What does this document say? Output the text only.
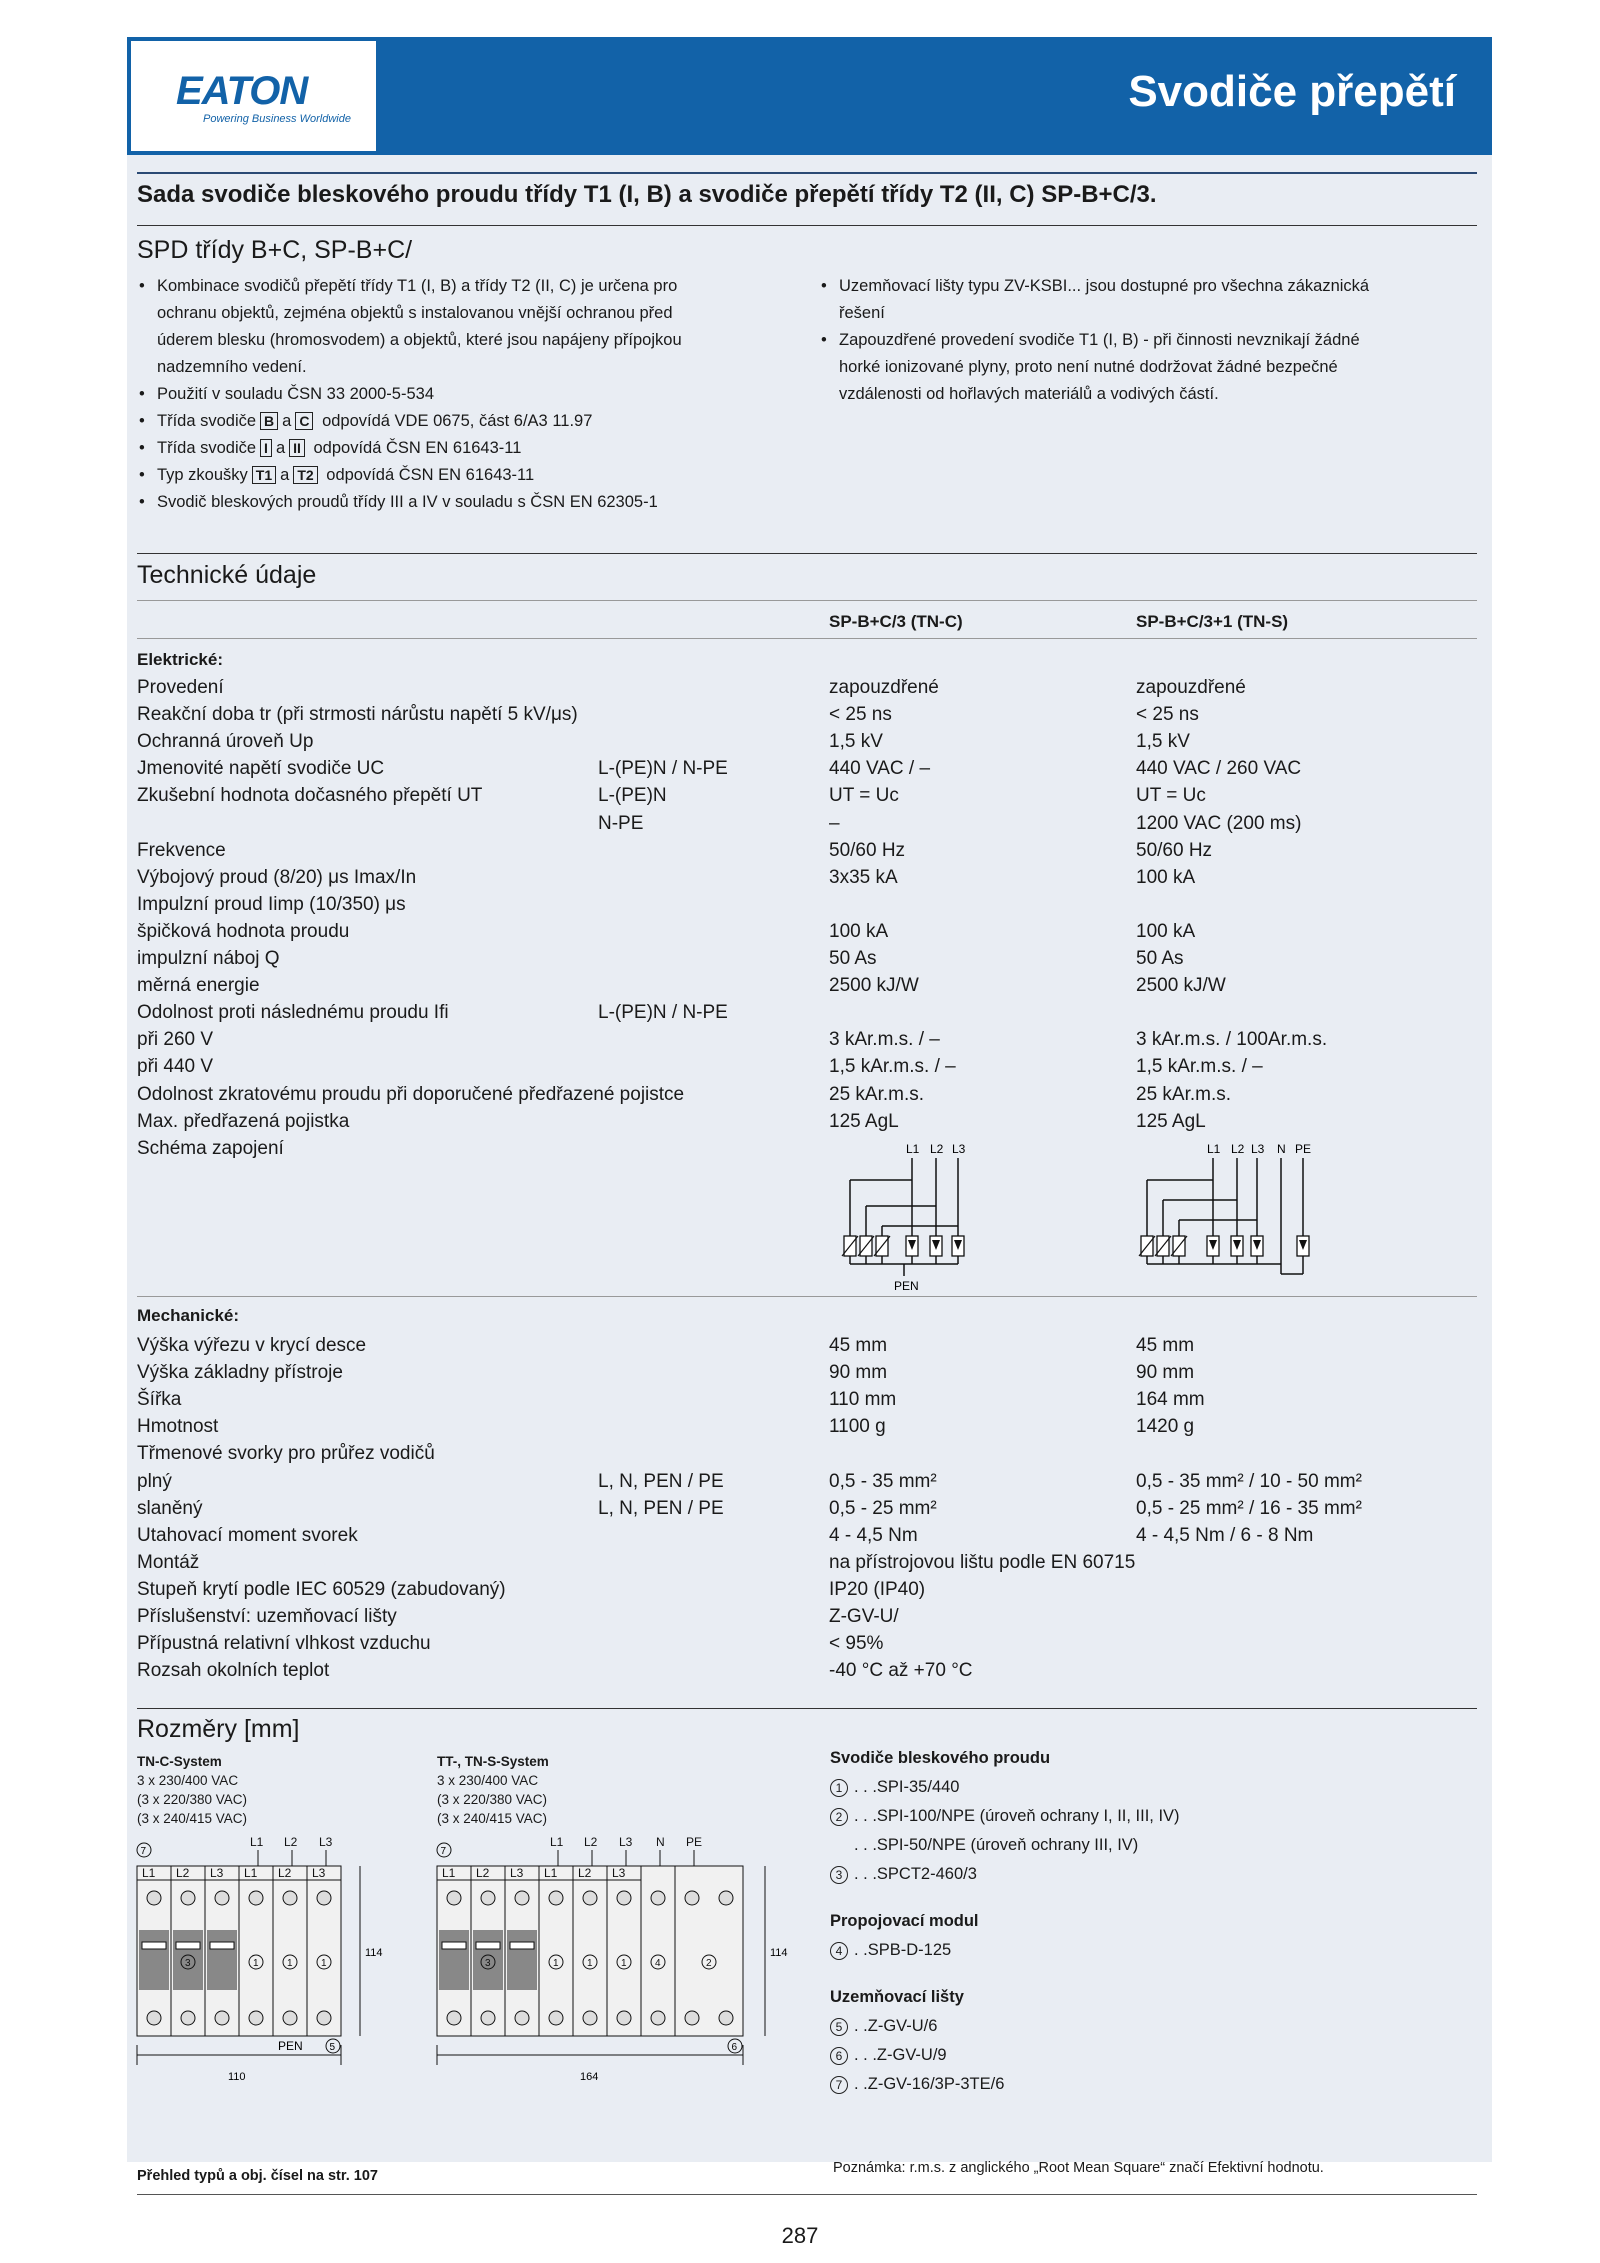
Svodiče přepětí
EATON
Powering Business Worldwide
Sada svodiče bleskového proudu třídy T1 (I, B) a svodiče přepětí třídy T2 (II, C) SP-B+C/3.
SPD třídy B+C, SP-B+C/
• Kombinace svodičů přepětí třídy T1 (I, B) a třídy T2 (II, C) je určena pro
ochranu objektů, zejména objektů s instalovanou vnější ochranou před
úderem blesku (hromosvodem) a objektů, které jsou napájeny přípojkou
nadzemního vedení.
• Použití v souladu ČSN 33 2000-5-534
• Třída svodiče B a C odpovídá VDE 0675, část 6/A3 11.97
• Třída svodiče I a II odpovídá ČSN EN 61643-11
• Typ zkoušky T1 a T2 odpovídá ČSN EN 61643-11
• Svodič bleskových proudů třídy III a IV v souladu s ČSN EN 62305-1
• Uzemňovací lišty typu ZV-KSBI... jsou dostupné pro všechna zákaznická
řešení
• Zapouzdřené provedení svodiče T1 (I, B) - při činnosti nevznikají žádné
horké ionizované plyny, proto není nutné dodržovat žádné bezpečné
vzdálenosti od hořlavých materiálů a vodivých částí.
Technické údaje
SP-B+C/3 (TN-C)	SP-B+C/3+1 (TN-S)
Elektrické:
Provedení	zapouzdřené	zapouzdřené
Reakční doba tr (při strmosti nárůstu napětí 5 kV/μs)	< 25 ns	< 25 ns
Ochranná úroveň Up	1,5 kV	1,5 kV
Jmenovité napětí svodiče UC	L-(PE)N / N-PE	440 VAC / –	440 VAC / 260 VAC
Zkušební hodnota dočasného přepětí UT	L-(PE)N	UT = Uc	UT = Uc
N-PE	–	1200 VAC (200 ms)
Frekvence	50/60 Hz	50/60 Hz
Výbojový proud (8/20) μs Imax/In	3x35 kA	100 kA
Impulzní proud Iimp (10/350) μs
špičková hodnota proudu	100 kA	100 kA
impulzní náboj Q	50 As	50 As
měrná energie	2500 kJ/W	2500 kJ/W
Odolnost proti následnému proudu Ifi	L-(PE)N / N-PE
při 260 V	3 kAr.m.s. / –	3 kAr.m.s. / 100Ar.m.s.
při 440 V	1,5 kAr.m.s. / –	1,5 kAr.m.s. / –
Odolnost zkratovému proudu při doporučené předřazené pojistce	25 kAr.m.s.	25 kAr.m.s.
Max. předřazená pojistka	125 AgL	125 AgL
Schéma zapojení	L1 L2 L3
PEN
L1 L2 L3 N PE
Mechanické:
Výška výřezu v krycí desce	45 mm	45 mm
Výška základny přístroje	90 mm	90 mm
Šířka	110 mm	164 mm
Hmotnost	1100 g	1420 g
Třmenové svorky pro průřez vodičů
plný	L, N, PEN / PE	0,5 - 35 mm²	0,5 - 35 mm² / 10 - 50 mm²
slaněný	L, N, PEN / PE	0,5 - 25 mm²	0,5 - 25 mm² / 16 - 35 mm²
Utahovací moment svorek	4 - 4,5 Nm	4 - 4,5 Nm / 6 - 8 Nm
Montáž	na přístrojovou lištu podle EN 60715
Stupeň krytí podle IEC 60529 (zabudovaný)	IP20 (IP40)
Příslušenství: uzemňovací lišty	Z-GV-U/
Přípustná relativní vlhkost vzduchu	< 95%
Rozsah okolních teplot	-40 °C až +70 °C
Rozměry [mm]
TN-C-System
3 x 230/400 VAC
(3 x 220/380 VAC)
(3 x 240/415 VAC)
TT-, TN-S-System
3 x 230/400 VAC
(3 x 220/380 VAC)
(3 x 240/415 VAC)
L1 L2 L3
7
L1 L2 L3 L1 L2 L3
3	1	1	1
114
PEN	5
110
L1 L2 L3 N PE
7
L1 L2 L3 L1 L2 L3
3	1	1	1	4	2
114
6
164
Svodiče bleskového proudu
1 . . .SPI-35/440
2 . . .SPI-100/NPE (úroveň ochrany I, II, III, IV)
. . .SPI-50/NPE (úroveň ochrany III, IV)
3 . . .SPCT2-460/3
Propojovací modul
4 . .SPB-D-125
Uzemňovací lišty
5 . .Z-GV-U/6
6 . . .Z-GV-U/9
7 . .Z-GV-16/3P-3TE/6
Přehled typů a obj. čísel na str. 107	Poznámka: r.m.s. z anglického „Root Mean Square“ značí Efektivní hodnotu.
287
